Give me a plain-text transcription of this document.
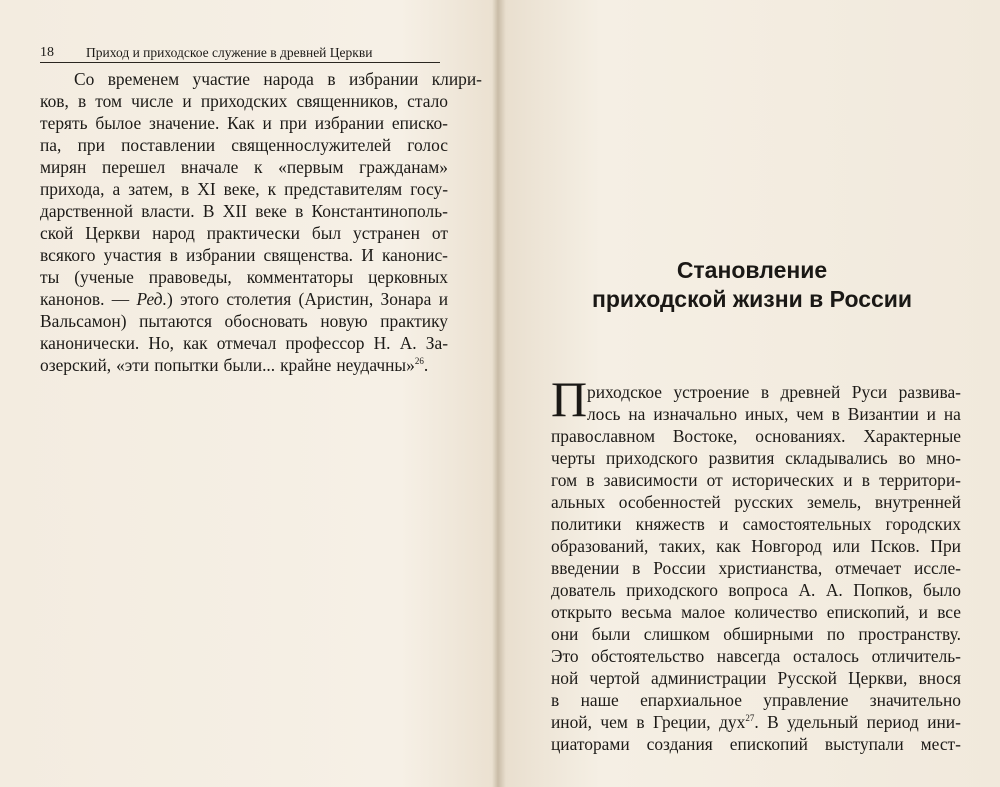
18 Приход и приходское служение в древней Церкви
Со временем участие народа в избрании клири-
ков, в том числе и приходских священников, стало
терять былое значение. Как и при избрании еписко-
па, при поставлении священнослужителей голос
мирян перешел вначале к «первым гражданам»
прихода, а затем, в XI веке, к представителям госу-
дарственной власти. В XII веке в Константинополь-
ской Церкви народ практически был устранен от
всякого участия в избрании священства. И канонис-
ты (ученые правоведы, комментаторы церковных
канонов. — Ред.) этого столетия (Аристин, Зонара и
Вальсамон) пытаются обосновать новую практику
канонически. Но, как отмечал профессор Н. А. За-
озерский, «эти попытки были... крайне неудачны»$^{26}$.
Становление
приходской жизни в России
П риходское устроение в древней Руси развива-
лось на изначально иных, чем в Византии и на
православном Востоке, основаниях. Характерные
черты приходского развития складывались во мно-
гом в зависимости от исторических и в территори-
альных особенностей русских земель, внутренней
политики княжеств и самостоятельных городских
образований, таких, как Новгород или Псков. При
введении в России христианства, отмечает иссле-
дователь приходского вопроса А. А. Попков, было
открыто весьма малое количество епископий, и все
они были слишком обширными по пространству.
Это обстоятельство навсегда осталось отличитель-
ной чертой администрации Русской Церкви, внося
в наше епархиальное управление значительно
иной, чем в Греции, дух$^{27}$. В удельный период ини-
циаторами создания епископий выступали мест-
